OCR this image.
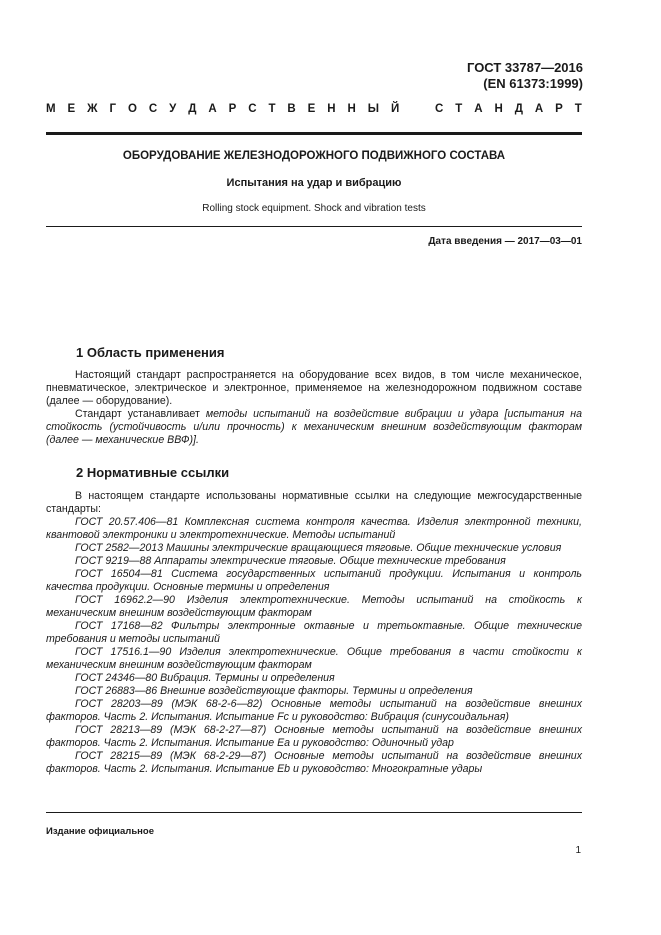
ГОСТ 33787—2016
(EN 61373:1999)
М Е Ж Г О С У Д А Р С Т В Е Н Н Ы Й	С Т А Н Д А Р Т
ОБОРУДОВАНИЕ ЖЕЛЕЗНОДОРОЖНОГО ПОДВИЖНОГО СОСТАВА
Испытания на удар и вибрацию
Rolling stock equipment. Shock and vibration tests
Дата введения — 2017—03—01
1 Область применения

Настоящий стандарт распространяется на оборудование всех видов, в том числе механическое, пневматическое, электрическое и электронное, применяемое на железнодорожном подвижном составе (далее — оборудование).

Стандарт устанавливает методы испытаний на воздействие вибрации и удара [испытания на стойкость (устойчивость и/или прочность) к механическим внешним воздействующим факторам (далее — механические ВВФ)].

2 Нормативные ссылки

В настоящем стандарте использованы нормативные ссылки на следующие межгосударственные стандарты:

ГОСТ 20.57.406—81 Комплексная система контроля качества. Изделия электронной техники, квантовой электроники и электротехнические. Методы испытаний

ГОСТ 2582—2013 Машины электрические вращающиеся тяговые. Общие технические условия

ГОСТ 9219—88 Аппараты электрические тяговые. Общие технические требования

ГОСТ 16504—81 Система государственных испытаний продукции. Испытания и контроль качества продукции. Основные термины и определения

ГОСТ 16962.2—90 Изделия электротехнические. Методы испытаний на стойкость к механическим внешним воздействующим факторам

ГОСТ 17168—82 Фильтры электронные октавные и третьоктавные. Общие технические требования и методы испытаний

ГОСТ 17516.1—90 Изделия электротехнические. Общие требования в части стойкости к механическим внешним воздействующим факторам

ГОСТ 24346—80 Вибрация. Термины и определения

ГОСТ 26883—86 Внешние воздействующие факторы. Термины и определения

ГОСТ 28203—89 (МЭК 68-2-6—82) Основные методы испытаний на воздействие внешних факторов. Часть 2. Испытания. Испытание Fc и руководство: Вибрация (синусоидальная)

ГОСТ 28213—89 (МЭК 68-2-27—87) Основные методы испытаний на воздействие внешних факторов. Часть 2. Испытания. Испытание Ea и руководство: Одиночный удар

ГОСТ 28215—89 (МЭК 68-2-29—87) Основные методы испытаний на воздействие внешних факторов. Часть 2. Испытания. Испытание Eb и руководство: Многократные удары

Издание официальное
1
